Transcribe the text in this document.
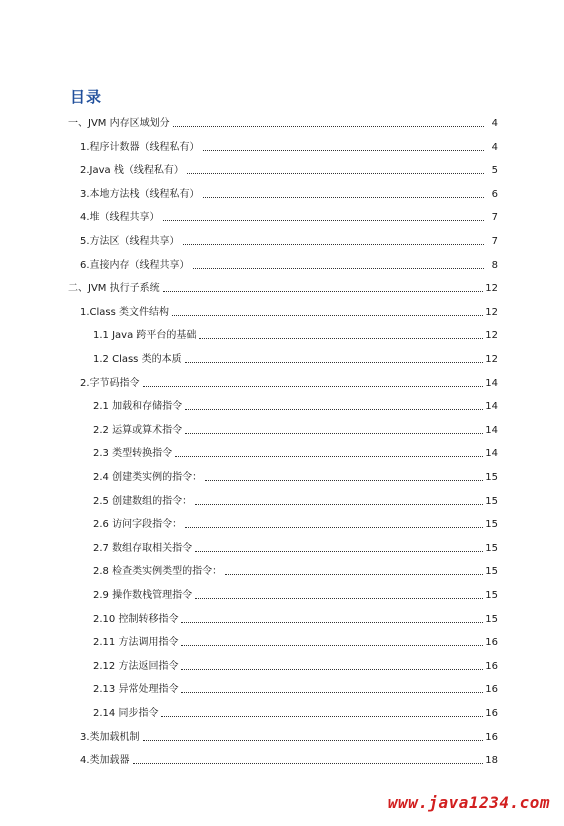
目录
一、JVM 内存区域划分	4
1.程序计数器（线程私有）	4
2.Java 栈（线程私有）	5
3.本地方法栈（线程私有）	6
4.堆（线程共享）	7
5.方法区（线程共享）	7
6.直接内存（线程共享）	8
二、JVM 执行子系统	12
1.Class 类文件结构	12
1.1 Java 跨平台的基础	12
1.2 Class 类的本质	12
2.字节码指令	14
2.1 加载和存储指令	14
2.2 运算或算术指令	14
2.3 类型转换指令	14
2.4 创建类实例的指令：	15
2.5 创建数组的指令：	15
2.6 访问字段指令：	15
2.7 数组存取相关指令	15
2.8 检查类实例类型的指令：	15
2.9 操作数栈管理指令	15
2.10 控制转移指令	15
2.11 方法调用指令	16
2.12 方法返回指令	16
2.13 异常处理指令	16
2.14 同步指令	16
3.类加载机制	16
4.类加载器	18
www.java1234.com
